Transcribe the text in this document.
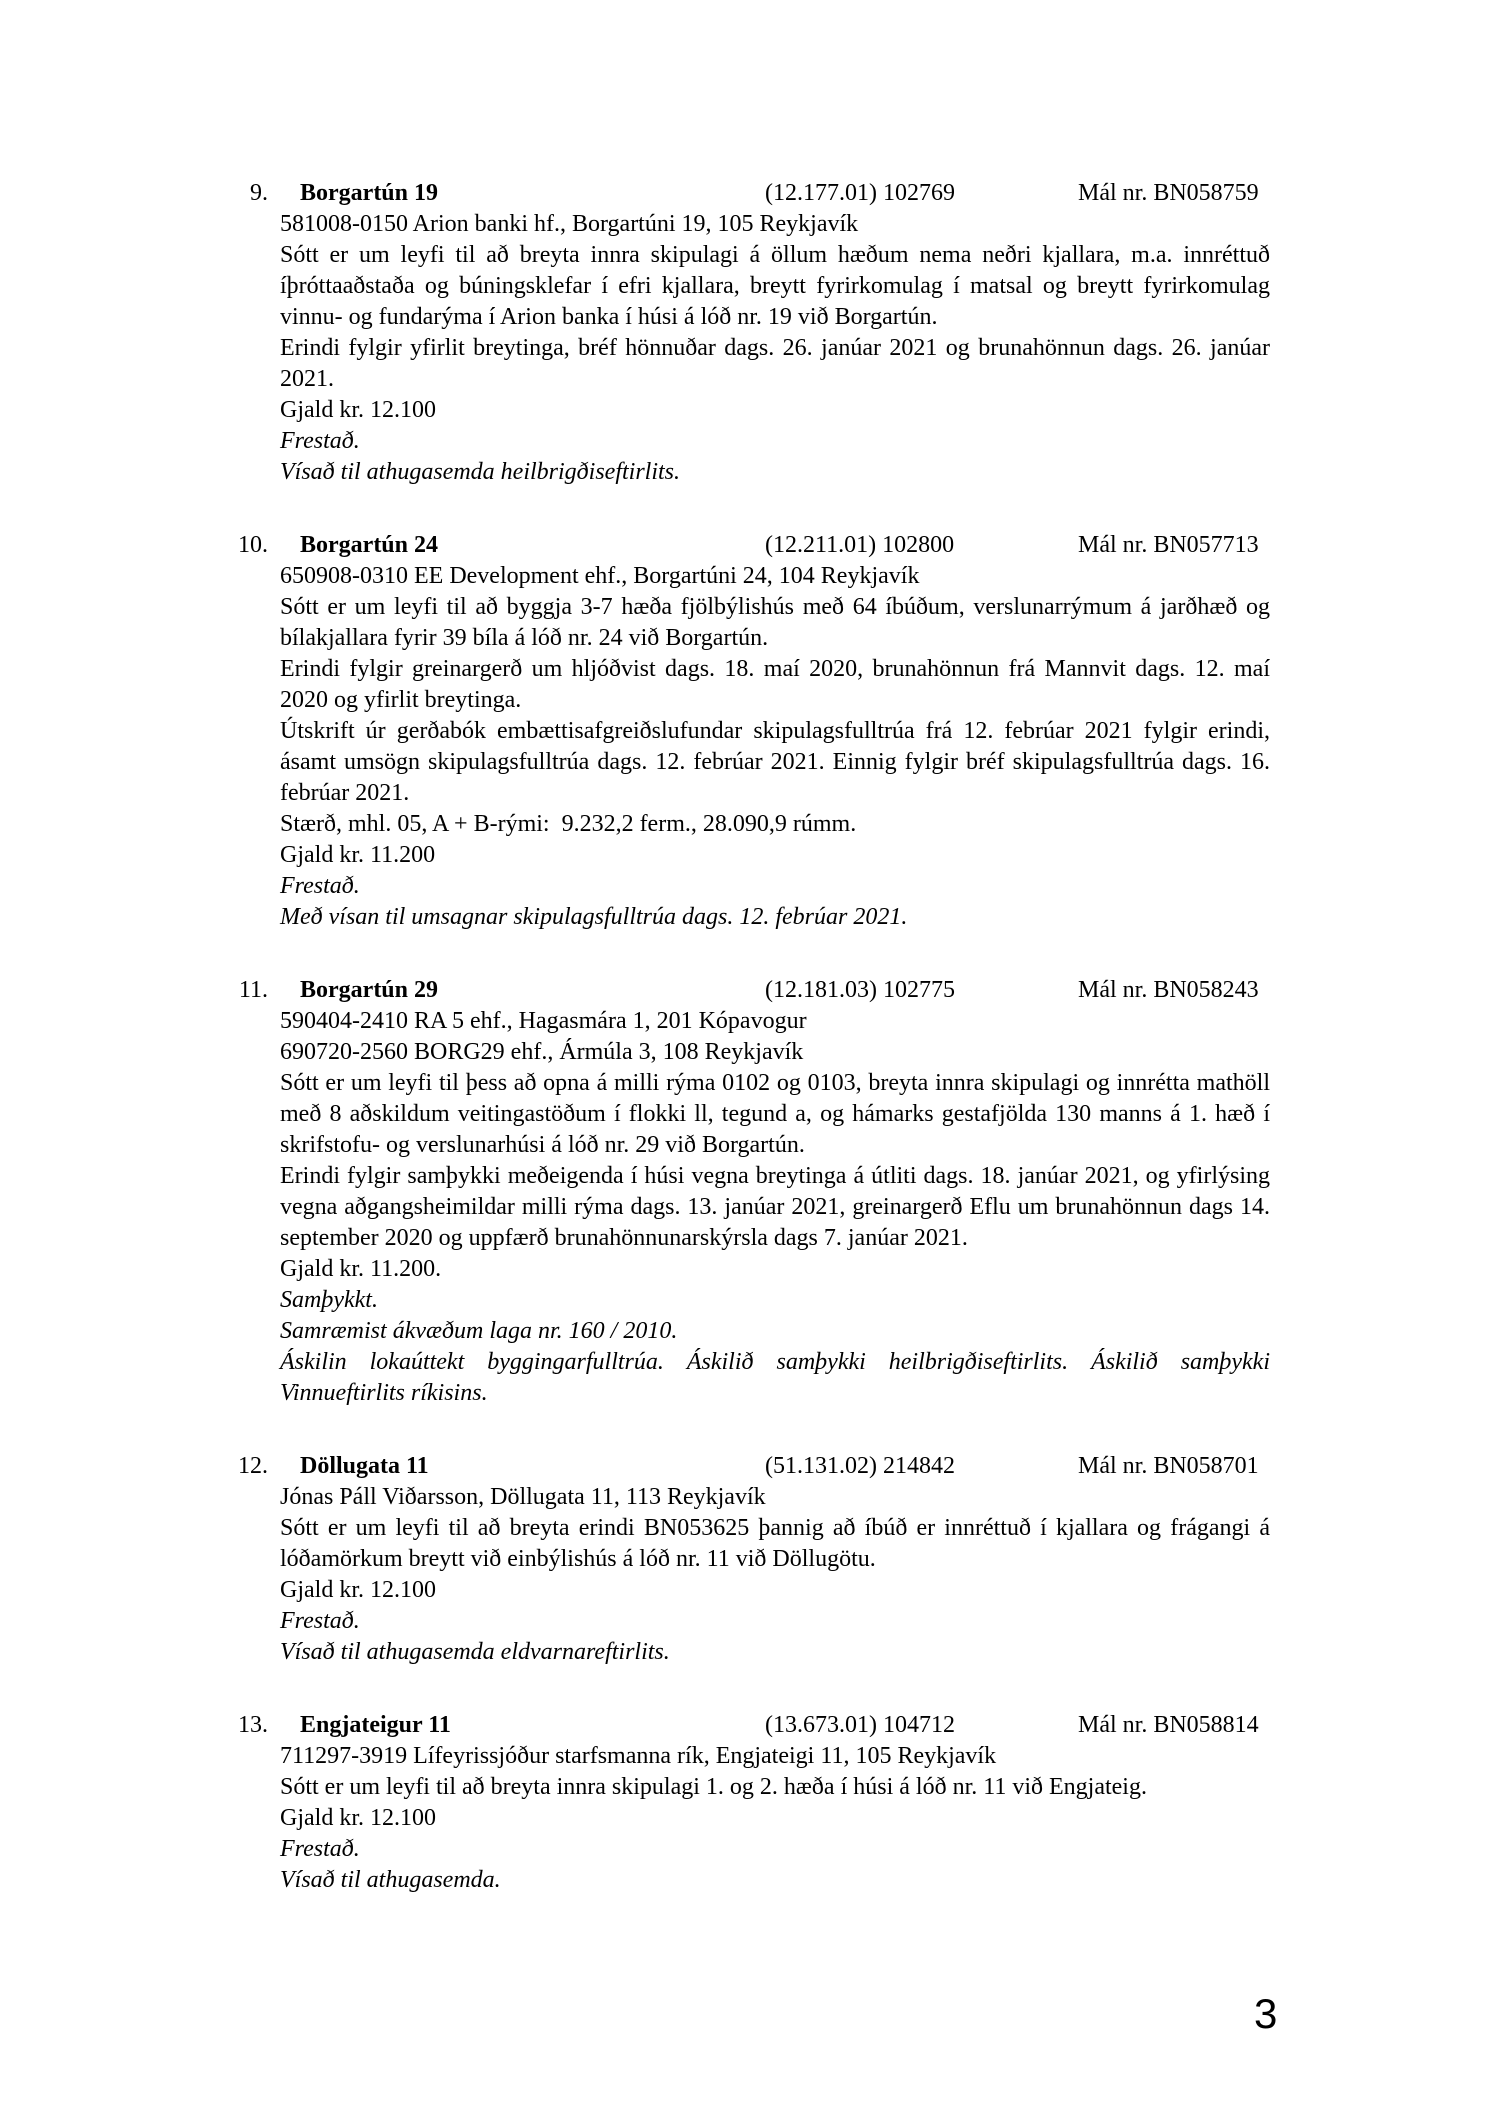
9. Borgartún 19	(12.177.01) 102769	Mál nr. BN058759

581008-0150 Arion banki hf., Borgartúni 19, 105 Reykjavík

Sótt er um leyfi til að breyta innra skipulagi á öllum hæðum nema neðri kjallara, m.a. innréttuð íþróttaaðstaða og búningsklefar í efri kjallara, breytt fyrirkomulag í matsal og breytt fyrirkomulag vinnu- og fundarýma í Arion banka í húsi á lóð nr. 19 við Borgartún.

Erindi fylgir yfirlit breytinga, bréf hönnuðar dags. 26. janúar 2021 og brunahönnun dags. 26. janúar 2021.

Gjald kr. 12.100

Frestað.

Vísað til athugasemda heilbrigðiseftirlits.

10. Borgartún 24	(12.211.01) 102800	Mál nr. BN057713

650908-0310 EE Development ehf., Borgartúni 24, 104 Reykjavík

Sótt er um leyfi til að byggja 3-7 hæða fjölbýlishús með 64 íbúðum, verslunarrýmum á jarðhæð og bílakjallara fyrir 39 bíla á lóð nr. 24 við Borgartún.

Erindi fylgir greinargerð um hljóðvist dags. 18. maí 2020, brunahönnun frá Mannvit dags. 12. maí 2020 og yfirlit breytinga.

Útskrift úr gerðabók embættisafgreiðslufundar skipulagsfulltrúa frá 12. febrúar 2021 fylgir erindi, ásamt umsögn skipulagsfulltrúa dags. 12. febrúar 2021. Einnig fylgir bréf skipulagsfulltrúa dags. 16. febrúar 2021.

Stærð, mhl. 05, A + B-rými:  9.232,2 ferm., 28.090,9 rúmm.

Gjald kr. 11.200

Frestað.

Með vísan til umsagnar skipulagsfulltrúa dags. 12. febrúar 2021.

11. Borgartún 29	(12.181.03) 102775	Mál nr. BN058243

590404-2410 RA 5 ehf., Hagasmára 1, 201 Kópavogur

690720-2560 BORG29 ehf., Ármúla 3, 108 Reykjavík

Sótt er um leyfi til þess að opna á milli rýma 0102 og 0103, breyta innra skipulagi og innrétta mathöll með 8 aðskildum veitingastöðum í flokki ll, tegund a, og hámarks gestafjölda 130 manns á 1. hæð í skrifstofu- og verslunarhúsi á lóð nr. 29 við Borgartún.

Erindi fylgir samþykki meðeigenda í húsi vegna breytinga á útliti dags. 18. janúar 2021, og yfirlýsing vegna aðgangsheimildar milli rýma dags. 13. janúar 2021, greinargerð Eflu um brunahönnun dags 14. september 2020 og uppfærð brunahönnunarskýrsla dags 7. janúar 2021.

Gjald kr. 11.200.

Samþykkt.

Samræmist ákvæðum laga nr. 160 / 2010.

Áskilin lokaúttekt byggingarfulltrúa. Áskilið samþykki heilbrigðiseftirlits. Áskilið samþykki Vinnueftirlits ríkisins.

12. Döllugata 11	(51.131.02) 214842	Mál nr. BN058701

Jónas Páll Viðarsson, Döllugata 11, 113 Reykjavík

Sótt er um leyfi til að breyta erindi BN053625 þannig að íbúð er innréttuð í kjallara og frágangi á lóðamörkum breytt við einbýlishús á lóð nr. 11 við Döllugötu.

Gjald kr. 12.100

Frestað.

Vísað til athugasemda eldvarnareftirlits.

13. Engjateigur 11	(13.673.01) 104712	Mál nr. BN058814

711297-3919 Lífeyrissjóður starfsmanna rík, Engjateigi 11, 105 Reykjavík

Sótt er um leyfi til að breyta innra skipulagi 1. og 2. hæða í húsi á lóð nr. 11 við Engjateig.

Gjald kr. 12.100

Frestað.

Vísað til athugasemda.

3
